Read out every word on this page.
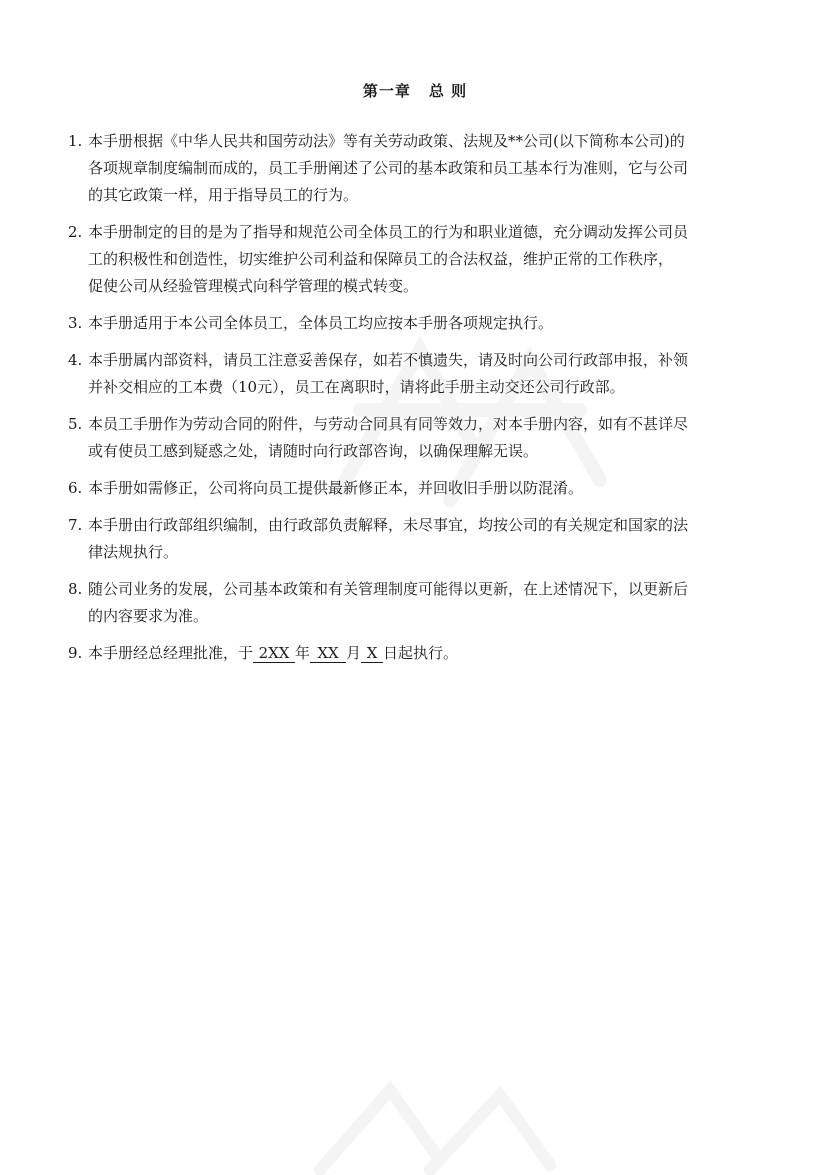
第一章 总 则
1. 本手册根据《中华人民共和国劳动法》等有关劳动政策、法规及**公司(以下简称本公司)的
各项规章制度编制而成的，员工手册阐述了公司的基本政策和员工基本行为准则，它与公司
的其它政策一样，用于指导员工的行为。
2. 本手册制定的目的是为了指导和规范公司全体员工的行为和职业道德，充分调动发挥公司员
工的积极性和创造性，切实维护公司利益和保障员工的合法权益，维护正常的工作秩序，
促使公司从经验管理模式向科学管理的模式转变。
3. 本手册适用于本公司全体员工，全体员工均应按本手册各项规定执行。
4. 本手册属内部资料，请员工注意妥善保存，如若不慎遗失，请及时向公司行政部申报，补领
并补交相应的工本费（10元），员工在离职时，请将此手册主动交还公司行政部。
5. 本员工手册作为劳动合同的附件，与劳动合同具有同等效力，对本手册内容，如有不甚详尽
或有使员工感到疑惑之处，请随时向行政部咨询，以确保理解无误。
6. 本手册如需修正，公司将向员工提供最新修正本，并回收旧手册以防混淆。
7. 本手册由行政部组织编制，由行政部负责解释，未尽事宜，均按公司的有关规定和国家的法
律法规执行。
8. 随公司业务的发展，公司基本政策和有关管理制度可能得以更新，在上述情况下，以更新后
的内容要求为准。
9. 本手册经总经理批准，于 2XX 年 XX 月 X 日起执行。
